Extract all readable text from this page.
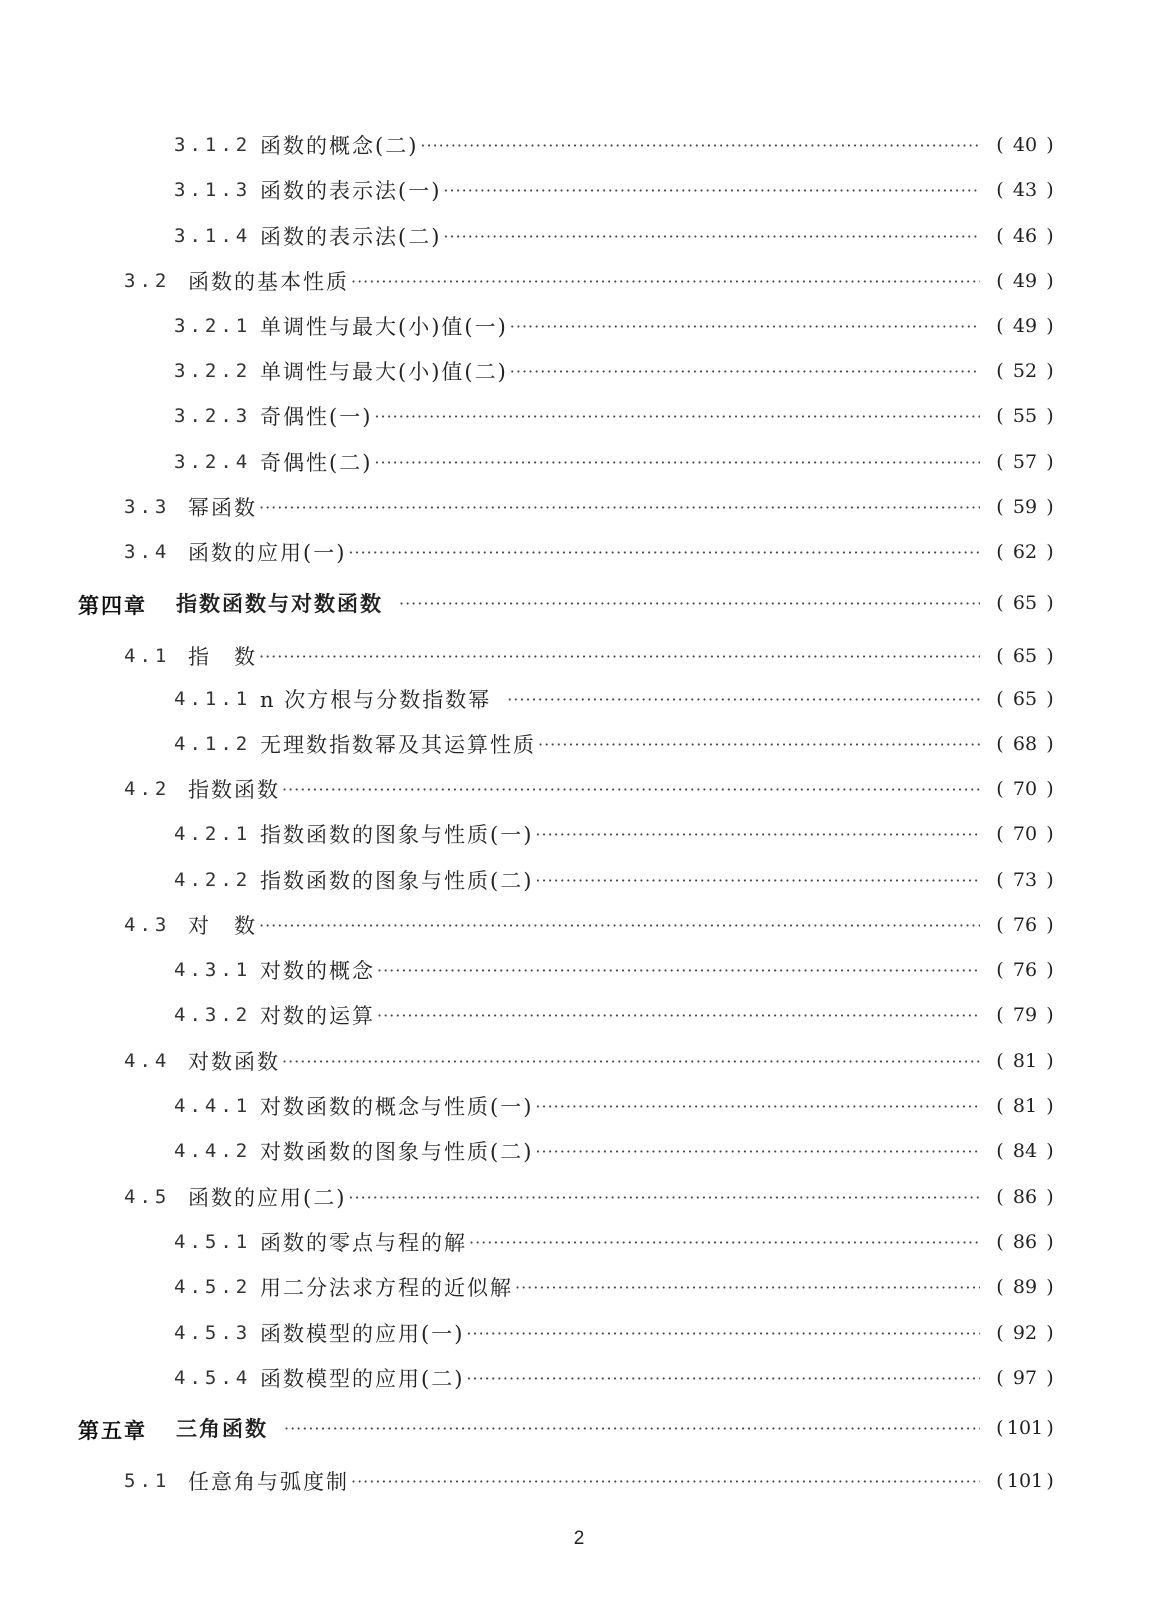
3.1.2 函数的概念(二) ·····	( 40 )
3.1.3 函数的表示法(一) ·····	( 43 )
3.1.4 函数的表示法(二) ·····	( 46 )
3.2 函数的基本性质 ·····	( 49 )
3.2.1 单调性与最大(小)值(一) ·····	( 49 )
3.2.2 单调性与最大(小)值(二) ·····	( 52 )
3.2.3 奇偶性(一) ·····	( 55 )
3.2.4 奇偶性(二) ·····	( 57 )
3.3 幂函数 ·····	( 59 )
3.4 函数的应用(一) ·····	( 62 )
第四章 指数函数与对数函数 ·····	( 65 )
4.1 指　数 ·····	( 65 )
4.1.1 n 次方根与分数指数幂 ·····	( 65 )
4.1.2 无理数指数幂及其运算性质 ·····	( 68 )
4.2 指数函数 ·····	( 70 )
4.2.1 指数函数的图象与性质(一) ·····	( 70 )
4.2.2 指数函数的图象与性质(二) ·····	( 73 )
4.3 对　数 ·····	( 76 )
4.3.1 对数的概念 ·····	( 76 )
4.3.2 对数的运算 ·····	( 79 )
4.4 对数函数 ·····	( 81 )
4.4.1 对数函数的概念与性质(一) ·····	( 81 )
4.4.2 对数函数的图象与性质(二) ·····	( 84 )
4.5 函数的应用(二) ·····	( 86 )
4.5.1 函数的零点与程的解 ·····	( 86 )
4.5.2 用二分法求方程的近似解 ·····	( 89 )
4.5.3 函数模型的应用(一) ·····	( 92 )
4.5.4 函数模型的应用(二) ·····	( 97 )
第五章 三角函数 ·····	( 101 )
5.1 任意角与弧度制 ·····	( 101 )
2
